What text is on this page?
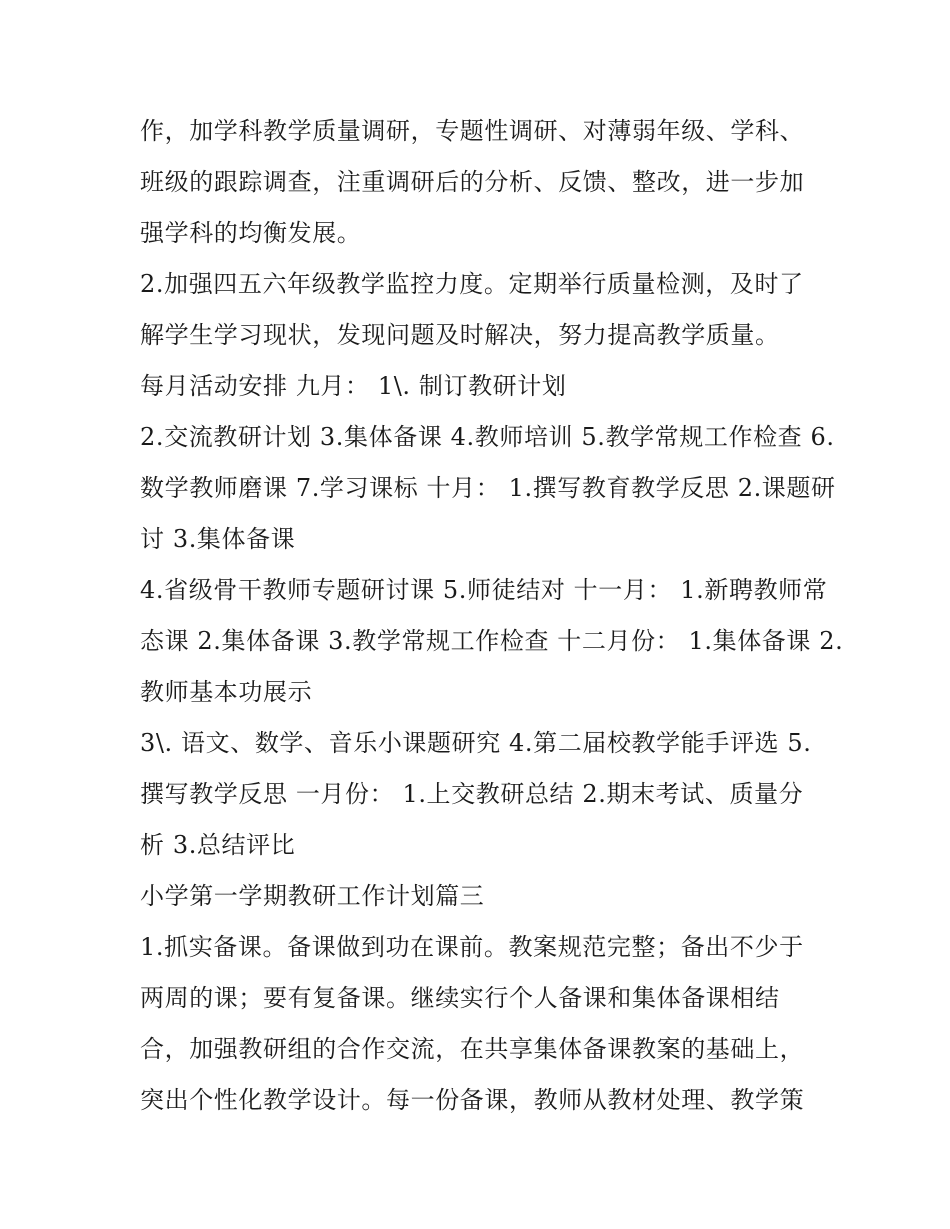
作，加学科教学质量调研，专题性调研、对薄弱年级、学科、
班级的跟踪调查，注重调研后的分析、反馈、整改，进一步加
强学科的均衡发展。
2.加强四五六年级教学监控力度。定期举行质量检测，及时了
解学生学习现状，发现问题及时解决，努力提高教学质量。
每月活动安排 九月： 1\. 制订教研计划
2.交流教研计划 3.集体备课 4.教师培训 5.教学常规工作检查 6.
数学教师磨课 7.学习课标 十月： 1.撰写教育教学反思 2.课题研
讨 3.集体备课
4.省级骨干教师专题研讨课 5.师徒结对 十一月： 1.新聘教师常
态课 2.集体备课 3.教学常规工作检查 十二月份： 1.集体备课 2.
教师基本功展示
3\. 语文、数学、音乐小课题研究 4.第二届校教学能手评选 5.
撰写教学反思 一月份： 1.上交教研总结 2.期末考试、质量分
析 3.总结评比
小学第一学期教研工作计划篇三
1.抓实备课。备课做到功在课前。教案规范完整；备出不少于
两周的课；要有复备课。继续实行个人备课和集体备课相结
合，加强教研组的合作交流，在共享集体备课教案的基础上，
突出个性化教学设计。每一份备课，教师从教材处理、教学策
